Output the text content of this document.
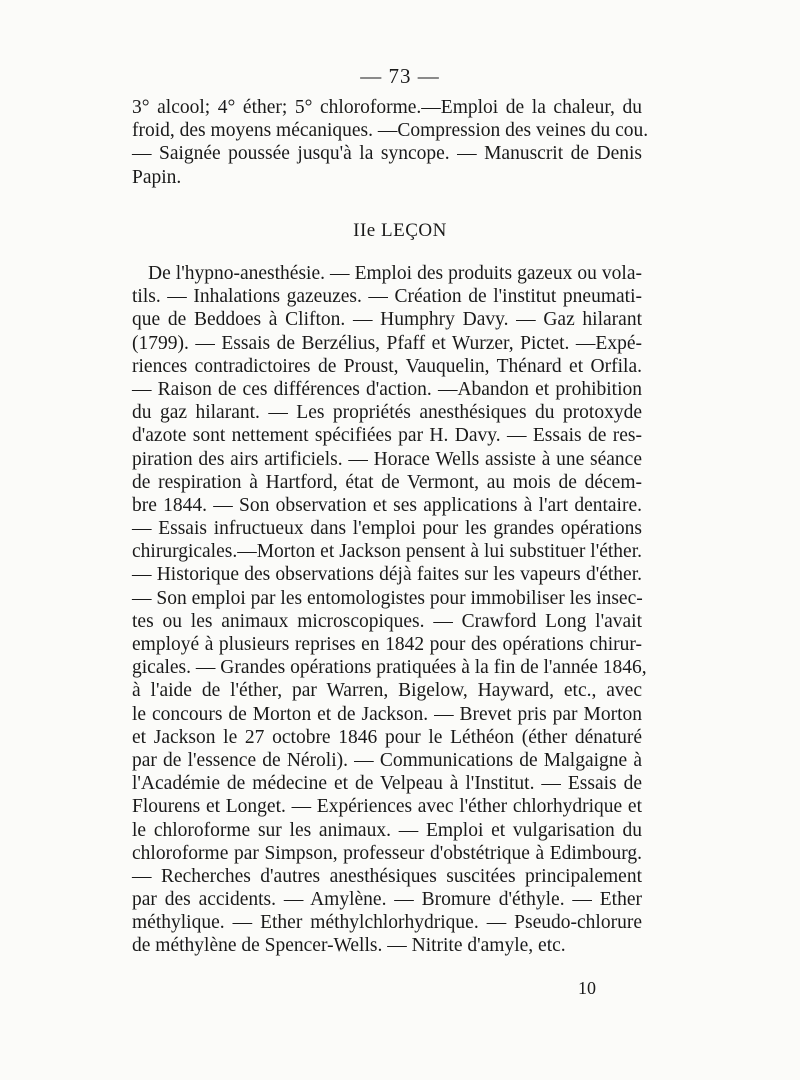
— 73 —
3° alcool; 4° éther; 5° chloroforme.—Emploi de la chaleur, du
froid, des moyens mécaniques. —Compression des veines du cou.
— Saignée poussée jusqu'à la syncope. — Manuscrit de Denis
Papin.
IIe LEÇON
De l'hypno-anesthésie. — Emploi des produits gazeux ou vola-
tils. — Inhalations gazeuzes. — Création de l'institut pneumati-
que de Beddoes à Clifton. — Humphry Davy. — Gaz hilarant
(1799). — Essais de Berzélius, Pfaff et Wurzer, Pictet. —Expé-
riences contradictoires de Proust, Vauquelin, Thénard et Orfila.
— Raison de ces différences d'action. —Abandon et prohibition
du gaz hilarant. — Les propriétés anesthésiques du protoxyde
d'azote sont nettement spécifiées par H. Davy. — Essais de res-
piration des airs artificiels. — Horace Wells assiste à une séance
de respiration à Hartford, état de Vermont, au mois de décem-
bre 1844. — Son observation et ses applications à l'art dentaire.
— Essais infructueux dans l'emploi pour les grandes opérations
chirurgicales.—Morton et Jackson pensent à lui substituer l'éther.
— Historique des observations déjà faites sur les vapeurs d'éther.
— Son emploi par les entomologistes pour immobiliser les insec-
tes ou les animaux microscopiques. — Crawford Long l'avait
employé à plusieurs reprises en 1842 pour des opérations chirur-
gicales. — Grandes opérations pratiquées à la fin de l'année 1846,
à l'aide de l'éther, par Warren, Bigelow, Hayward, etc., avec
le concours de Morton et de Jackson. — Brevet pris par Morton
et Jackson le 27 octobre 1846 pour le Léthéon (éther dénaturé
par de l'essence de Néroli). — Communications de Malgaigne à
l'Académie de médecine et de Velpeau à l'Institut. — Essais de
Flourens et Longet. — Expériences avec l'éther chlorhydrique et
le chloroforme sur les animaux. — Emploi et vulgarisation du
chloroforme par Simpson, professeur d'obstétrique à Edimbourg.
— Recherches d'autres anesthésiques suscitées principalement
par des accidents. — Amylène. — Bromure d'éthyle. — Ether
méthylique. — Ether méthylchlorhydrique. — Pseudo-chlorure
de méthylène de Spencer-Wells. — Nitrite d'amyle, etc.
10
